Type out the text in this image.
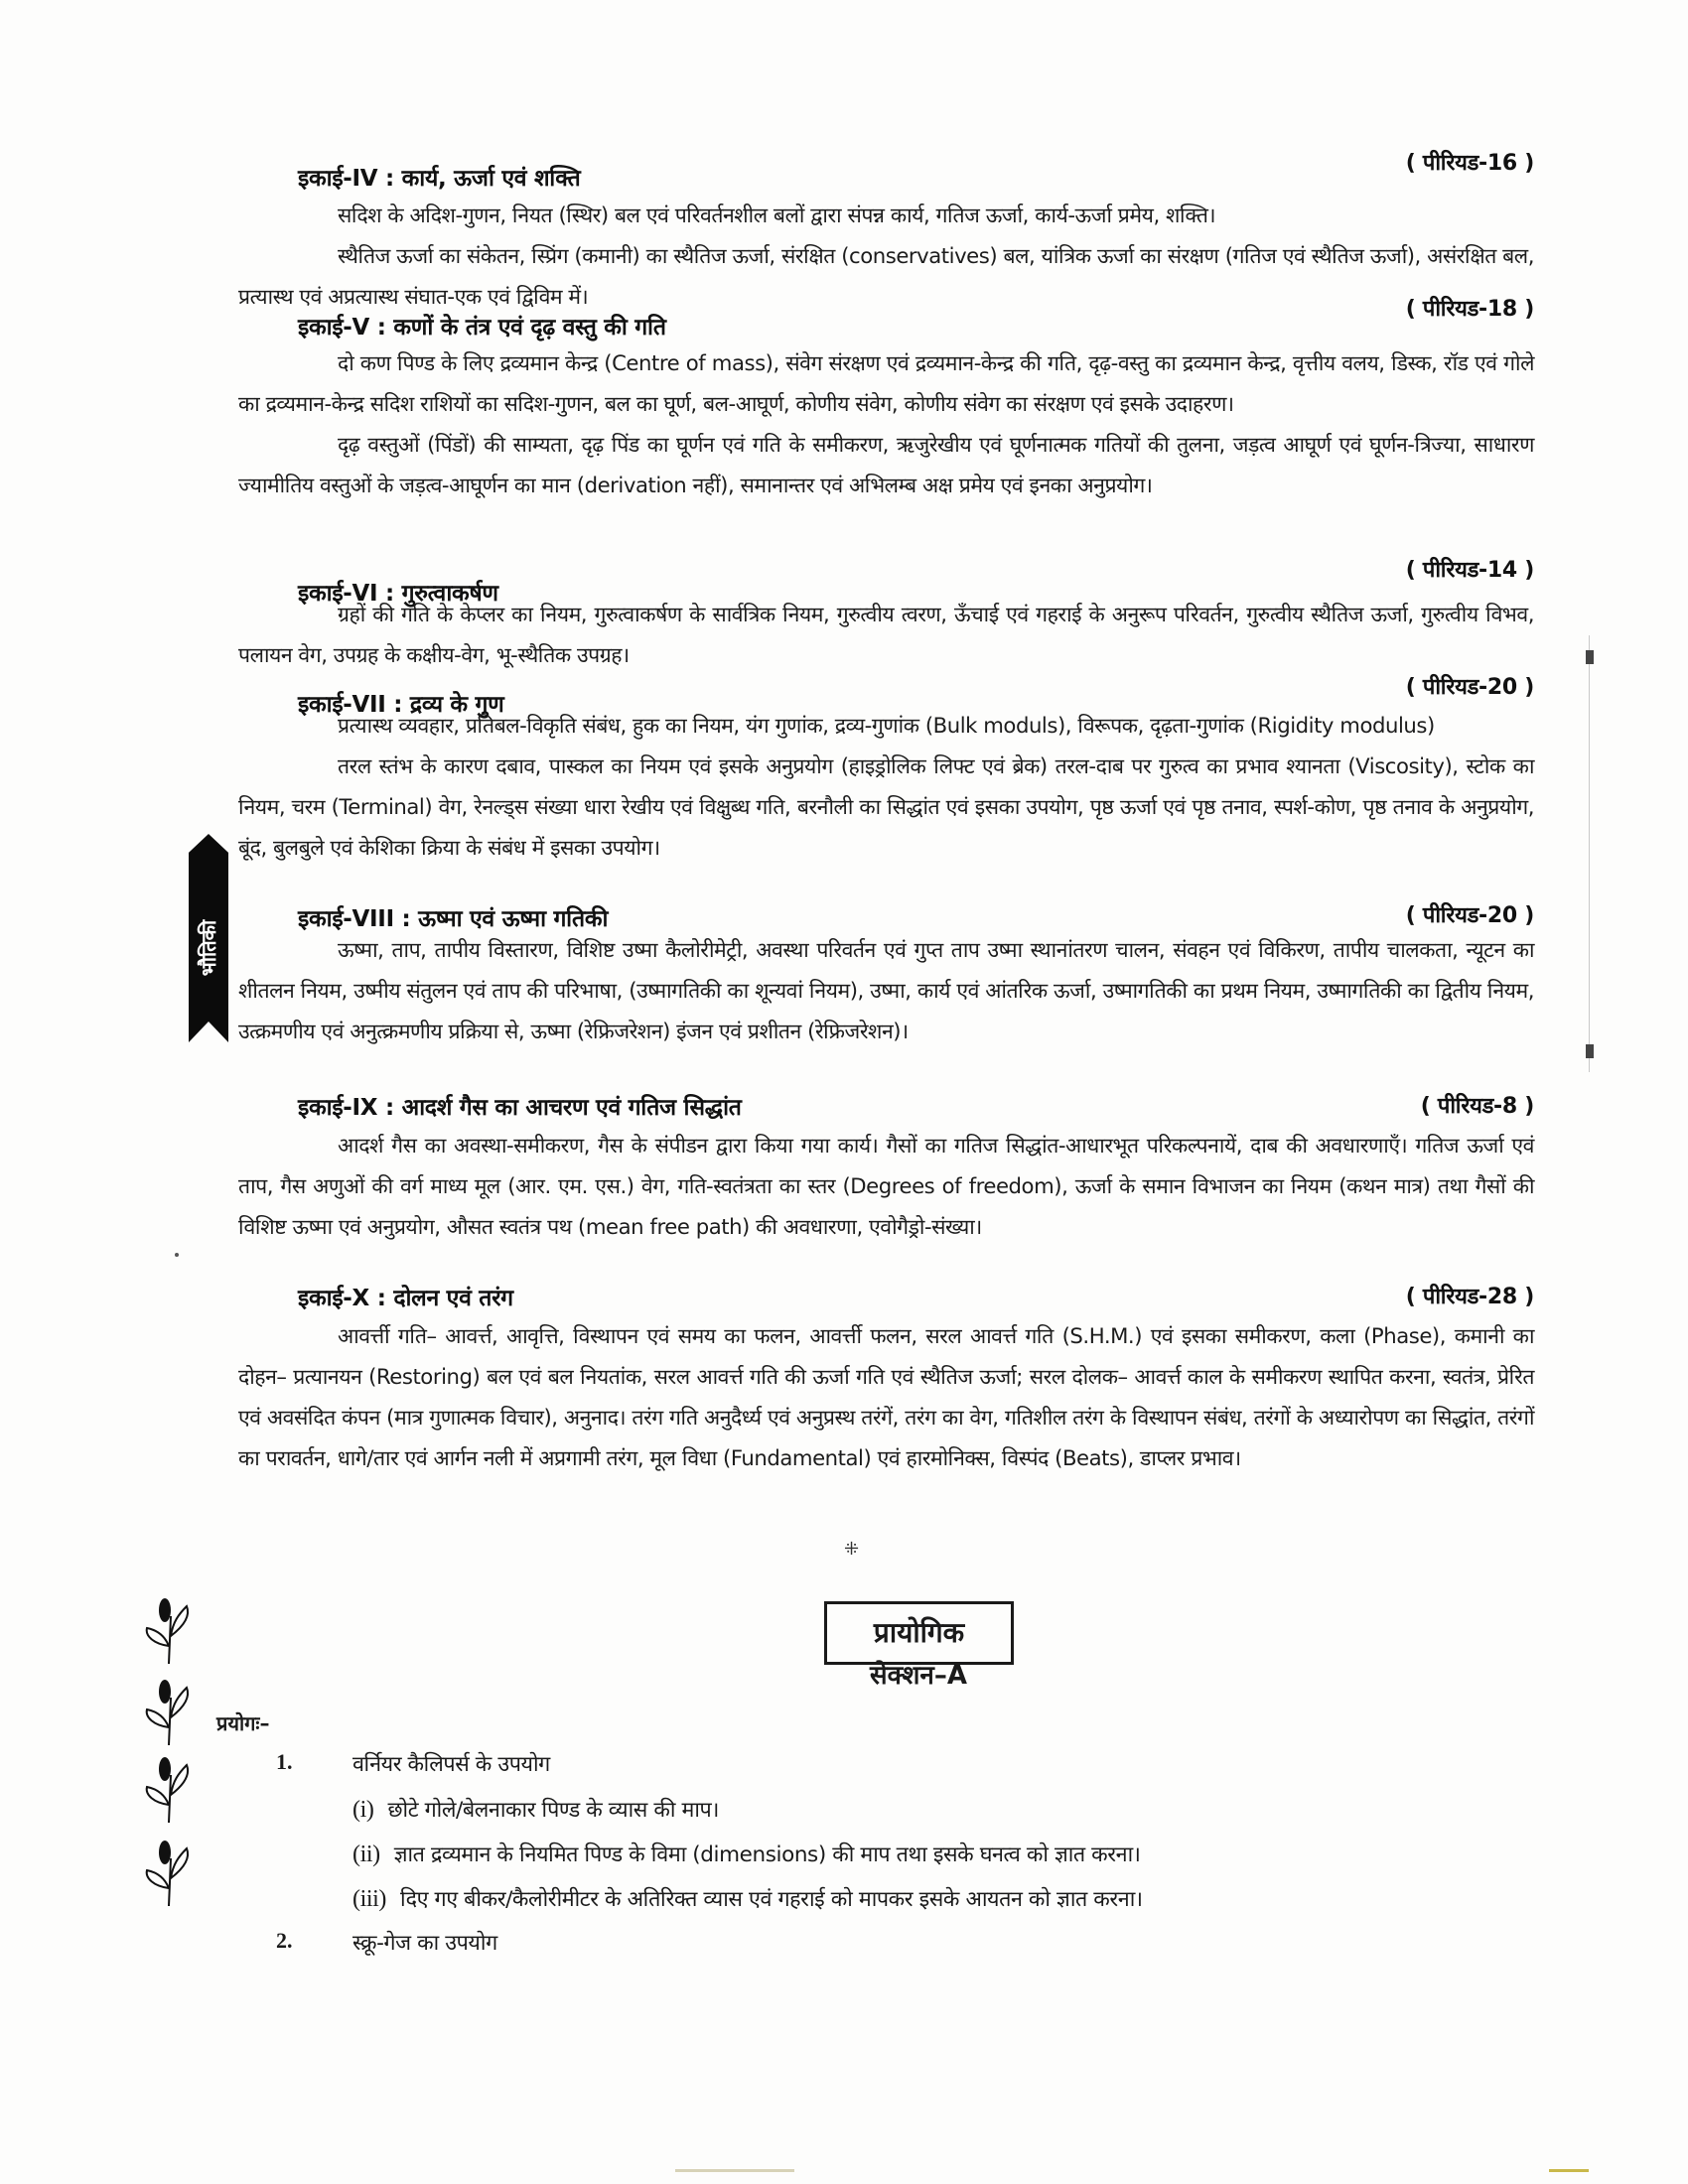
भौतिकी
( पीरियड-16 )
इकाई-IV : कार्य, ऊर्जा एवं शक्ति
सदिश के अदिश-गुणन, नियत (स्थिर) बल एवं परिवर्तनशील बलों द्वारा संपन्न कार्य, गतिज ऊर्जा, कार्य-ऊर्जा प्रमेय, शक्ति।
स्थैतिज ऊर्जा का संकेतन, स्प्रिंग (कमानी) का स्थैतिज ऊर्जा, संरक्षित (conservatives) बल, यांत्रिक ऊर्जा का संरक्षण (गतिज एवं स्थैतिज ऊर्जा), असंरक्षित बल, प्रत्यास्थ एवं अप्रत्यास्थ संघात-एक एवं द्विविम में।
( पीरियड-18 )
इकाई-V : कणों के तंत्र एवं दृढ़ वस्तु की गति
दो कण पिण्ड के लिए द्रव्यमान केन्द्र (Centre of mass), संवेग संरक्षण एवं द्रव्यमान-केन्द्र की गति, दृढ़-वस्तु का द्रव्यमान केन्द्र, वृत्तीय वलय, डिस्क, रॉड एवं गोले का द्रव्यमान-केन्द्र सदिश राशियों का सदिश-गुणन, बल का घूर्ण, बल-आघूर्ण, कोणीय संवेग, कोणीय संवेग का संरक्षण एवं इसके उदाहरण।
दृढ़ वस्तुओं (पिंडों) की साम्यता, दृढ़ पिंड का घूर्णन एवं गति के समीकरण, ऋजुरेखीय एवं घूर्णनात्मक गतियों की तुलना, जड़त्व आघूर्ण एवं घूर्णन-त्रिज्या, साधारण ज्यामीतिय वस्तुओं के जड़त्व-आघूर्णन का मान (derivation नहीं), समानान्तर एवं अभिलम्ब अक्ष प्रमेय एवं इनका अनुप्रयोग।
( पीरियड-14 )
इकाई-VI : गुरुत्वाकर्षण
ग्रहों की गति के केप्लर का नियम, गुरुत्वाकर्षण के सार्वत्रिक नियम, गुरुत्वीय त्वरण, ऊँचाई एवं गहराई के अनुरूप परिवर्तन, गुरुत्वीय स्थैतिज ऊर्जा, गुरुत्वीय विभव, पलायन वेग, उपग्रह के कक्षीय-वेग, भू-स्थैतिक उपग्रह।
( पीरियड-20 )
इकाई-VII : द्रव्य के गुण
प्रत्यास्थ व्यवहार, प्रतिबल-विकृति संबंध, हुक का नियम, यंग गुणांक, द्रव्य-गुणांक (Bulk moduls), विरूपक, दृढ़ता-गुणांक (Rigidity modulus)
तरल स्तंभ के कारण दबाव, पास्कल का नियम एवं इसके अनुप्रयोग (हाइड्रोलिक लिफ्ट एवं ब्रेक) तरल-दाब पर गुरुत्व का प्रभाव श्यानता (Viscosity), स्टोक का नियम, चरम (Terminal) वेग, रेनल्ड्स संख्या धारा रेखीय एवं विक्षुब्ध गति, बरनौली का सिद्धांत एवं इसका उपयोग, पृष्ठ ऊर्जा एवं पृष्ठ तनाव, स्पर्श-कोण, पृष्ठ तनाव के अनुप्रयोग, बूंद, बुलबुले एवं केशिका क्रिया के संबंध में इसका उपयोग।
( पीरियड-20 )
इकाई-VIII : ऊष्मा एवं ऊष्मा गतिकी
ऊष्मा, ताप, तापीय विस्तारण, विशिष्ट उष्मा कैलोरीमेट्री, अवस्था परिवर्तन एवं गुप्त ताप उष्मा स्थानांतरण चालन, संवहन एवं विकिरण, तापीय चालकता, न्यूटन का शीतलन नियम, उष्मीय संतुलन एवं ताप की परिभाषा, (उष्मागतिकी का शून्यवां नियम), उष्मा, कार्य एवं आंतरिक ऊर्जा, उष्मागतिकी का प्रथम नियम, उष्मागतिकी का द्वितीय नियम, उत्क्रमणीय एवं अनुत्क्रमणीय प्रक्रिया से, ऊष्मा (रेफ्रिजरेशन) इंजन एवं प्रशीतन (रेफ्रिजरेशन)।
( पीरियड-8 )
इकाई-IX : आदर्श गैस का आचरण एवं गतिज सिद्धांत
आदर्श गैस का अवस्था-समीकरण, गैस के संपीडन द्वारा किया गया कार्य। गैसों का गतिज सिद्धांत-आधारभूत परिकल्पनायें, दाब की अवधारणाएँ। गतिज ऊर्जा एवं ताप, गैस अणुओं की वर्ग माध्य मूल (आर. एम. एस.) वेग, गति-स्वतंत्रता का स्तर (Degrees of freedom), ऊर्जा के समान विभाजन का नियम (कथन मात्र) तथा गैसों की विशिष्ट ऊष्मा एवं अनुप्रयोग, औसत स्वतंत्र पथ (mean free path) की अवधारणा, एवोगैड्रो-संख्या।
( पीरियड-28 )
इकाई-X : दोलन एवं तरंग
आवर्त्ती गति– आवर्त्त, आवृत्ति, विस्थापन एवं समय का फलन, आवर्त्ती फलन, सरल आवर्त्त गति (S.H.M.) एवं इसका समीकरण, कला (Phase), कमानी का दोहन– प्रत्यानयन (Restoring) बल एवं बल नियतांक, सरल आवर्त्त गति की ऊर्जा गति एवं स्थैतिज ऊर्जा; सरल दोलक– आवर्त्त काल के समीकरण स्थापित करना, स्वतंत्र, प्रेरित एवं अवसंदित कंपन (मात्र गुणात्मक विचार), अनुनाद। तरंग गति अनुदैर्ध्य एवं अनुप्रस्थ तरंगें, तरंग का वेग, गतिशील तरंग के विस्थापन संबंध, तरंगों के अध्यारोपण का सिद्धांत, तरंगों का परावर्तन, धागे/तार एवं आर्गन नली में अप्रगामी तरंग, मूल विधा (Fundamental) एवं हारमोनिक्स, विस्पंद (Beats), डाप्लर प्रभाव।
⁜
प्रायोगिक
सेक्शन–A
प्रयोगः–
1.	वर्नियर कैलिपर्स के उपयोग
(i) छोटे गोले/बेलनाकार पिण्ड के व्यास की माप।
(ii) ज्ञात द्रव्यमान के नियमित पिण्ड के विमा (dimensions) की माप तथा इसके घनत्व को ज्ञात करना।
(iii) दिए गए बीकर/कैलोरीमीटर के अतिरिक्त व्यास एवं गहराई को मापकर इसके आयतन को ज्ञात करना।
2.	स्क्रू-गेज का उपयोग
